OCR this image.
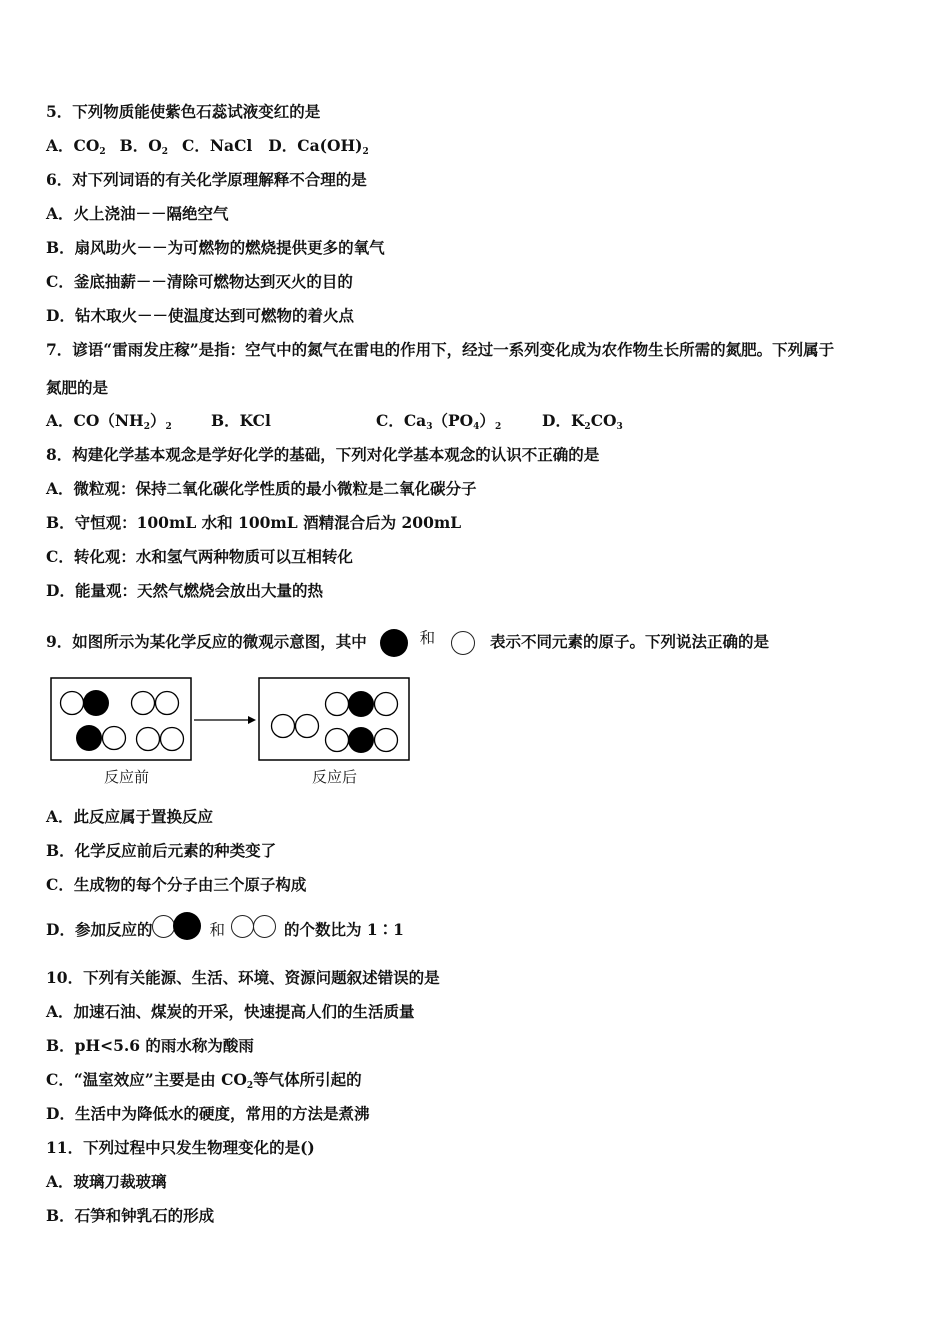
5．下列物质能使紫色石蕊试液变红的是
A．$CO_2$ B．$O_2$ C．NaCl D．$Ca(OH)_2$
6．对下列词语的有关化学原理解释不合理的是
A．火上浇油－－隔绝空气
B．扇风助火－－为可燃物的燃烧提供更多的氧气
C．釜底抽薪－－清除可燃物达到灭火的目的
D．钻木取火－－使温度达到可燃物的着火点
7．谚语“雷雨发庄稼”是指：空气中的氮气在雷电的作用下，经过一系列变化成为农作物生长所需的氮肥。下列属于
氮肥的是
A．$CO(NH_2)_2$	B．KCl	C．$Ca_3(PO_4)_2$	D．$K_2CO_3$
8．构建化学基本观念是学好化学的基础，下列对化学基本观念的认识不正确的是
A．微粒观：保持二氧化碳化学性质的最小微粒是二氧化碳分子
B．守恒观：100mL 水和 100mL 酒精混合后为 200mL
C．转化观：水和氢气两种物质可以互相转化
D．能量观：天然气燃烧会放出大量的热
9．如图所示为某化学反应的微观示意图，其中	和	表示不同元素的原子。下列说法正确的是
反应前	反应后
A．此反应属于置换反应
B．化学反应前后元素的种类变了
C．生成物的每个分子由三个原子构成
D．参加反应的	和	的个数比为 1∶1
10．下列有关能源、生活、环境、资源问题叙述错误的是
A．加速石油、煤炭的开采，快速提高人们的生活质量
B．pH<5.6 的雨水称为酸雨
C．“温室效应”主要是由 $CO_2$等气体所引起的
D．生活中为降低水的硬度，常用的方法是煮沸
11．下列过程中只发生物理变化的是()
A．玻璃刀裁玻璃
B．石笋和钟乳石的形成
